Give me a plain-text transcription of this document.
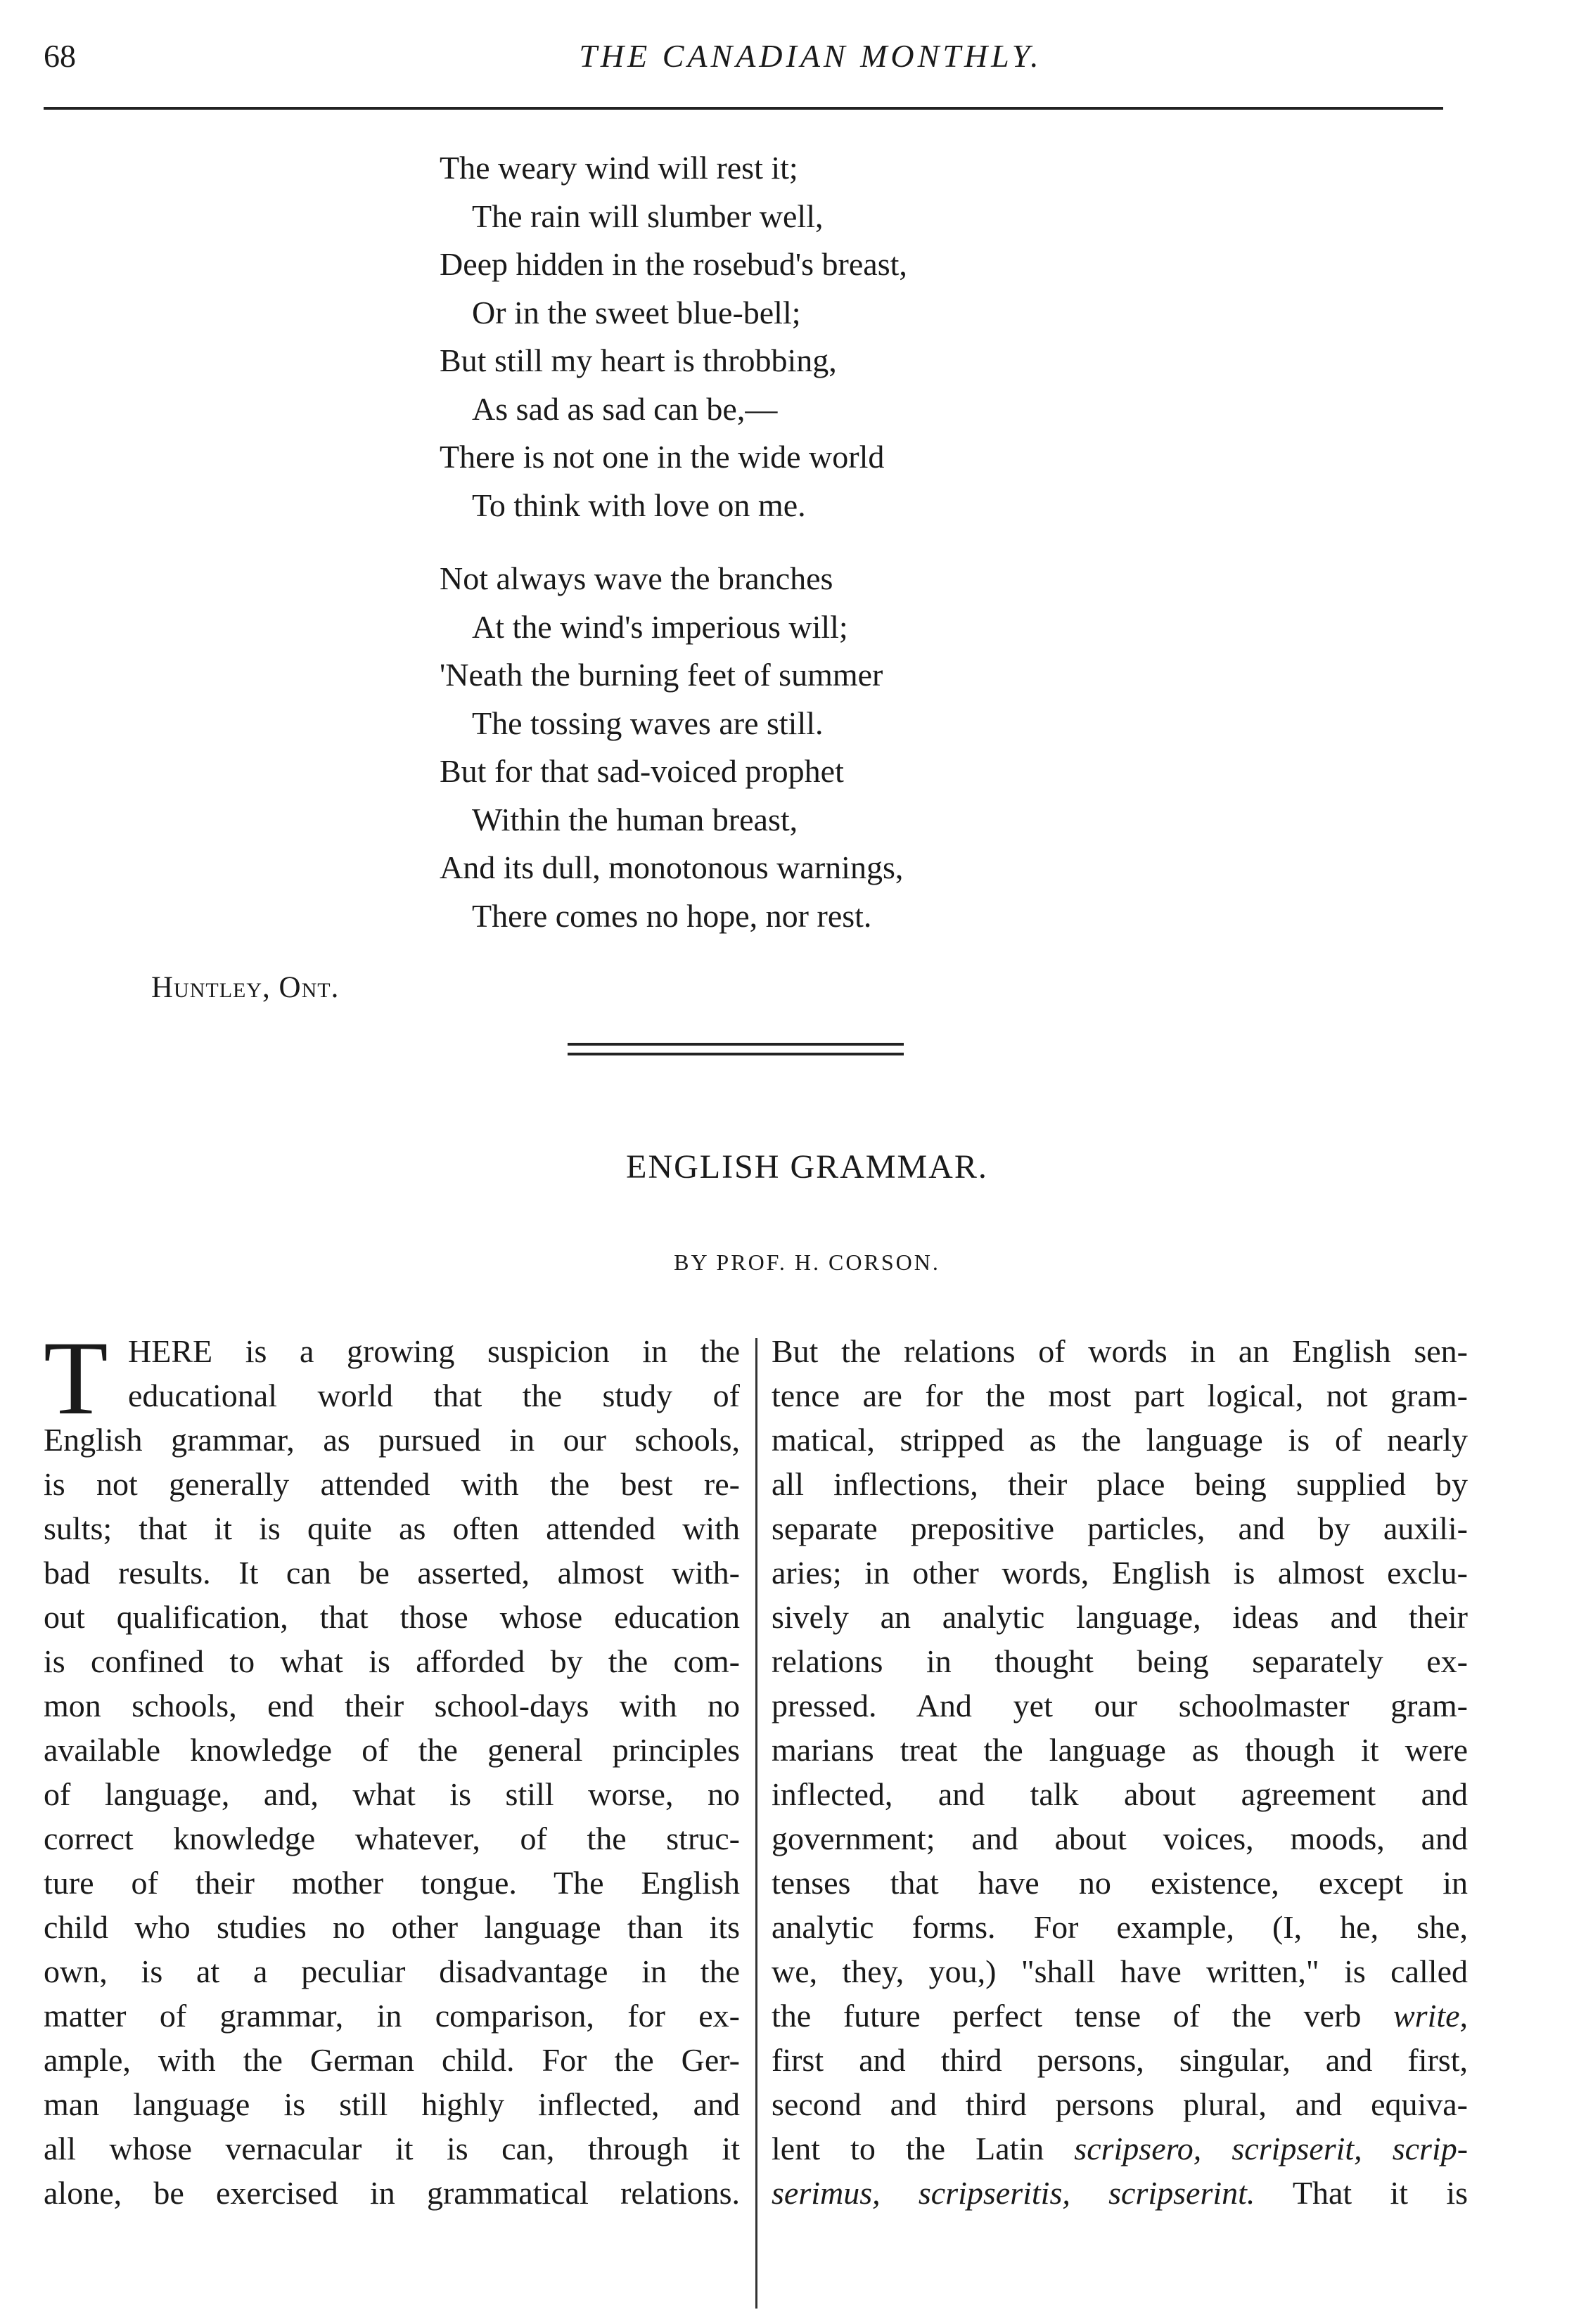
68	THE CANADIAN MONTHLY.
The weary wind will rest it;
The rain will slumber well,
Deep hidden in the rosebud's breast,
Or in the sweet blue-bell;
But still my heart is throbbing,
As sad as sad can be,—
There is not one in the wide world
To think with love on me.
Not always wave the branches
At the wind's imperious will;
'Neath the burning feet of summer
The tossing waves are still.
But for that sad-voiced prophet
Within the human breast,
And its dull, monotonous warnings,
There comes no hope, nor rest.
Huntley, Ont.
ENGLISH GRAMMAR.
BY PROF. H. CORSON.
T HERE is a growing suspicion in the
educational world that the study of
English grammar, as pursued in our schools,
is not generally attended with the best re-
sults; that it is quite as often attended with
bad results. It can be asserted, almost with-
out qualification, that those whose education
is confined to what is afforded by the com-
mon schools, end their school-days with no
available knowledge of the general principles
of language, and, what is still worse, no
correct knowledge whatever, of the struc-
ture of their mother tongue. The English
child who studies no other language than its
own, is at a peculiar disadvantage in the
matter of grammar, in comparison, for ex-
ample, with the German child. For the Ger-
man language is still highly inflected, and
all whose vernacular it is can, through it
alone, be exercised in grammatical relations.
But the relations of words in an English sen-
tence are for the most part logical, not gram-
matical, stripped as the language is of nearly
all inflections, their place being supplied by
separate prepositive particles, and by auxili-
aries; in other words, English is almost exclu-
sively an analytic language, ideas and their
relations in thought being separately ex-
pressed. And yet our schoolmaster gram-
marians treat the language as though it were
inflected, and talk about agreement and
government; and about voices, moods, and
tenses that have no existence, except in
analytic forms. For example, (I, he, she,
we, they, you,) "shall have written," is called
the future perfect tense of the verb write,
first and third persons, singular, and first,
second and third persons plural, and equiva-
lent to the Latin scripsero, scripserit, scrip-
serimus, scripseritis, scripserint. That it is
